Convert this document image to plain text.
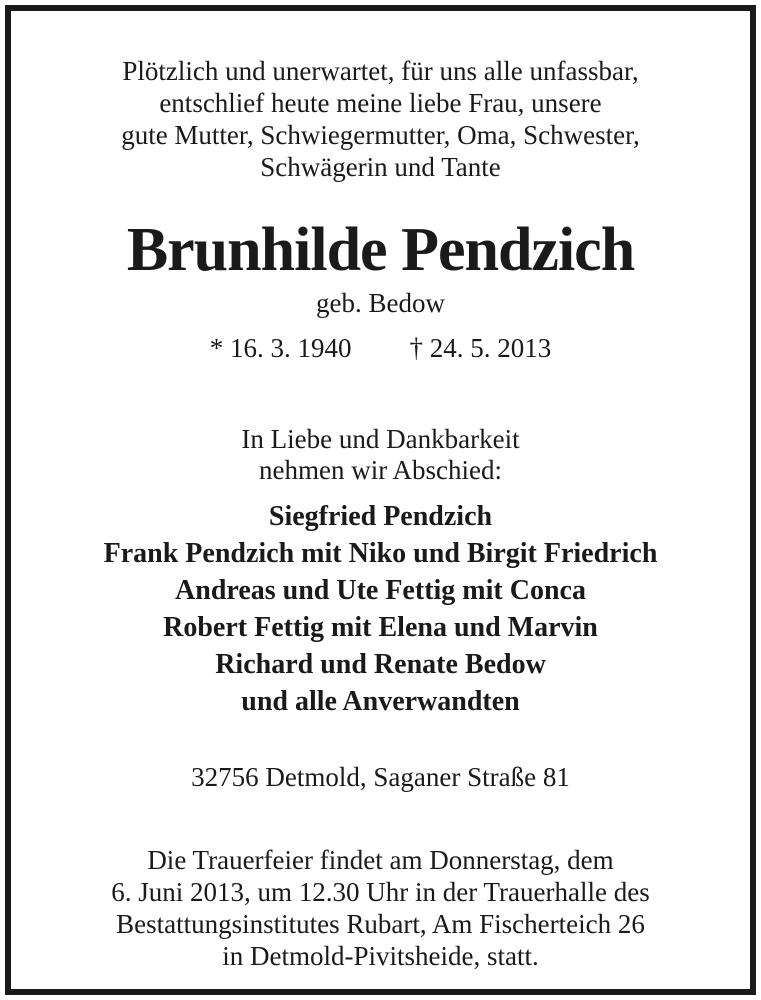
Plötzlich und unerwartet, für uns alle unfassbar,
entschlief heute meine liebe Frau, unsere
gute Mutter, Schwiegermutter, Oma, Schwester,
Schwägerin und Tante
Brunhilde Pendzich
geb. Bedow
* 16. 3. 1940 † 24. 5. 2013
In Liebe und Dankbarkeit
nehmen wir Abschied:
Siegfried Pendzich
Frank Pendzich mit Niko und Birgit Friedrich
Andreas und Ute Fettig mit Conca
Robert Fettig mit Elena und Marvin
Richard und Renate Bedow
und alle Anverwandten
32756 Detmold, Saganer Straße 81
Die Trauerfeier findet am Donnerstag, dem
6. Juni 2013, um 12.30 Uhr in der Trauerhalle des
Bestattungsinstitutes Rubart, Am Fischerteich 26
in Detmold-Pivitsheide, statt.
